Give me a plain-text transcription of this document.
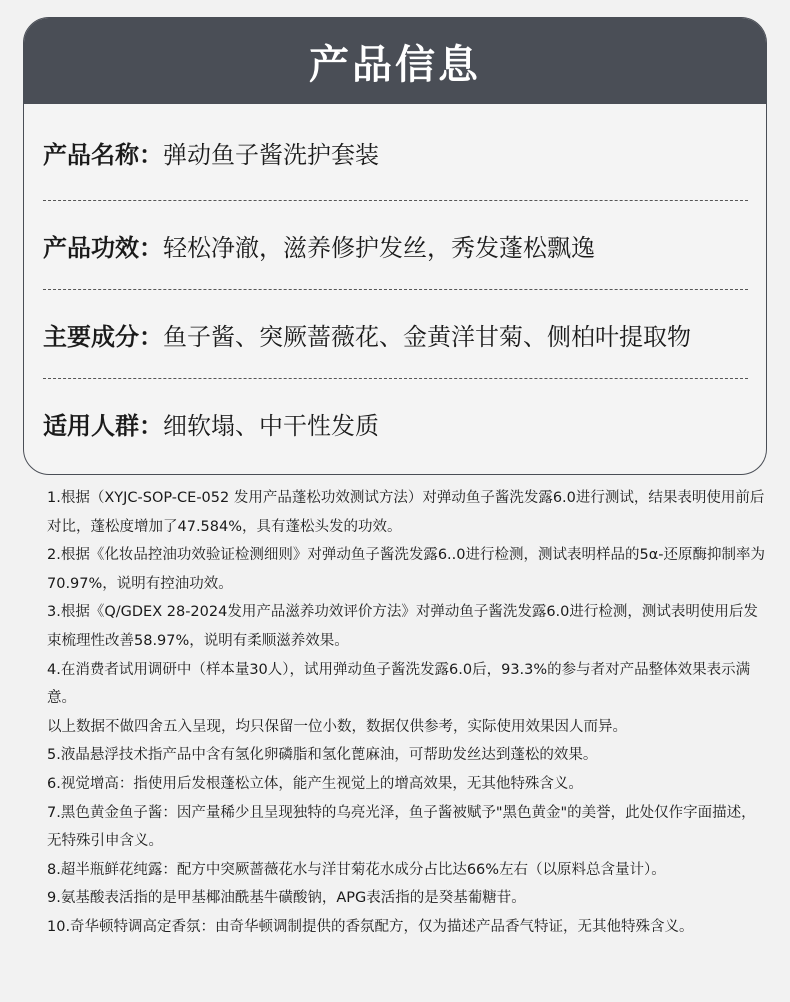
产品信息
产品名称： 弹动鱼子酱洗护套装
产品功效： 轻松净澈，滋养修护发丝，秀发蓬松飘逸
主要成分： 鱼子酱、突厥蔷薇花、金黄洋甘菊、侧柏叶提取物
适用人群： 细软塌、中干性发质
1.根据（XYJC-SOP-CE-052 发用产品蓬松功效测试方法）对弹动鱼子酱洗发露6.0进行测试，结果表明使用前后对比，蓬松度增加了47.584%，具有蓬松头发的功效。
2.根据《化妆品控油功效验证检测细则》对弹动鱼子酱洗发露6..0进行检测，测试表明样品的5α-还原酶抑制率为70.97%，说明有控油功效。
3.根据《Q/GDEX 28-2024发用产品滋养功效评价方法》对弹动鱼子酱洗发露6.0进行检测，测试表明使用后发束梳理性改善58.97%，说明有柔顺滋养效果。
4.在消费者试用调研中（样本量30人），试用弹动鱼子酱洗发露6.0后，93.3%的参与者对产品整体效果表示满意。
以上数据不做四舍五入呈现，均只保留一位小数，数据仅供参考，实际使用效果因人而异。
5.液晶悬浮技术指产品中含有氢化卵磷脂和氢化蓖麻油，可帮助发丝达到蓬松的效果。
6.视觉增高：指使用后发根蓬松立体，能产生视觉上的增高效果，无其他特殊含义。
7.黑色黄金鱼子酱：因产量稀少且呈现独特的乌亮光泽，鱼子酱被赋予"黑色黄金"的美誉，此处仅作字面描述，无特殊引申含义。
8.超半瓶鲜花纯露：配方中突厥蔷薇花水与洋甘菊花水成分占比达66%左右（以原料总含量计）。
9.氨基酸表活指的是甲基椰油酰基牛磺酸钠，APG表活指的是癸基葡糖苷。
10.奇华顿特调高定香氛：由奇华顿调制提供的香氛配方，仅为描述产品香气特证，无其他特殊含义。
